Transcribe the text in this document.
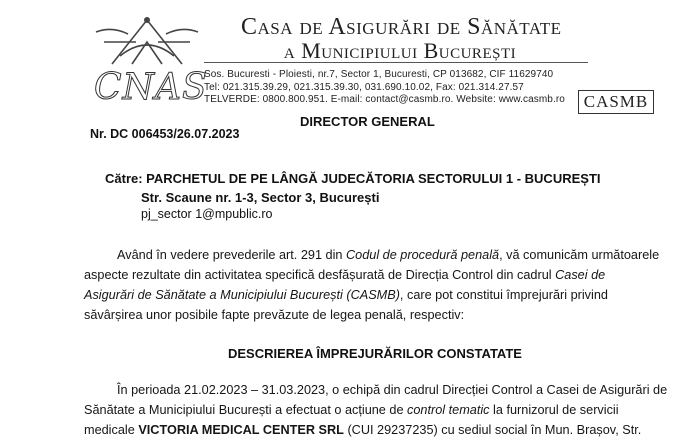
CNAS
Casa de Asigurări de Sănătate
a Municipiului București
Sos. Bucuresti - Ploiesti, nr.7, Sector 1, Bucuresti, CP 013682, CIF 11629740
Tel: 021.315.39.29, 021.315.39.30, 031.690.10.02, Fax: 021.314.27.57
TELVERDE: 0800.800.951. E-mail: contact@casmb.ro. Website: www.casmb.ro	CASMB
DIRECTOR GENERAL
Nr. DC 006453/26.07.2023
Către: PARCHETUL DE PE LÂNGĂ JUDECĂTORIA SECTORULUI 1 - BUCUREȘTI
Str. Scaune nr. 1-3, Sector 3, București
pj_sector 1@mpublic.ro
Având în vedere prevederile art. 291 din Codul de procedură penală, vă comunicăm următoarele
aspecte rezultate din activitatea specifică desfășurată de Direcția Control din cadrul Casei de
Asigurări de Sănătate a Municipiului București (CASMB), care pot constitui împrejurări privind
săvârșirea unor posibile fapte prevăzute de legea penală, respectiv:
DESCRIEREA ÎMPREJURĂRILOR CONSTATATE
În perioada 21.02.2023 – 31.03.2023, o echipă din cadrul Direcției Control a Casei de Asigurări de
Sănătate a Municipiului București a efectuat o acțiune de control tematic la furnizorul de servicii
medicale VICTORIA MEDICAL CENTER SRL (CUI 29237235) cu sediul social în Mun. Brașov, Str.
